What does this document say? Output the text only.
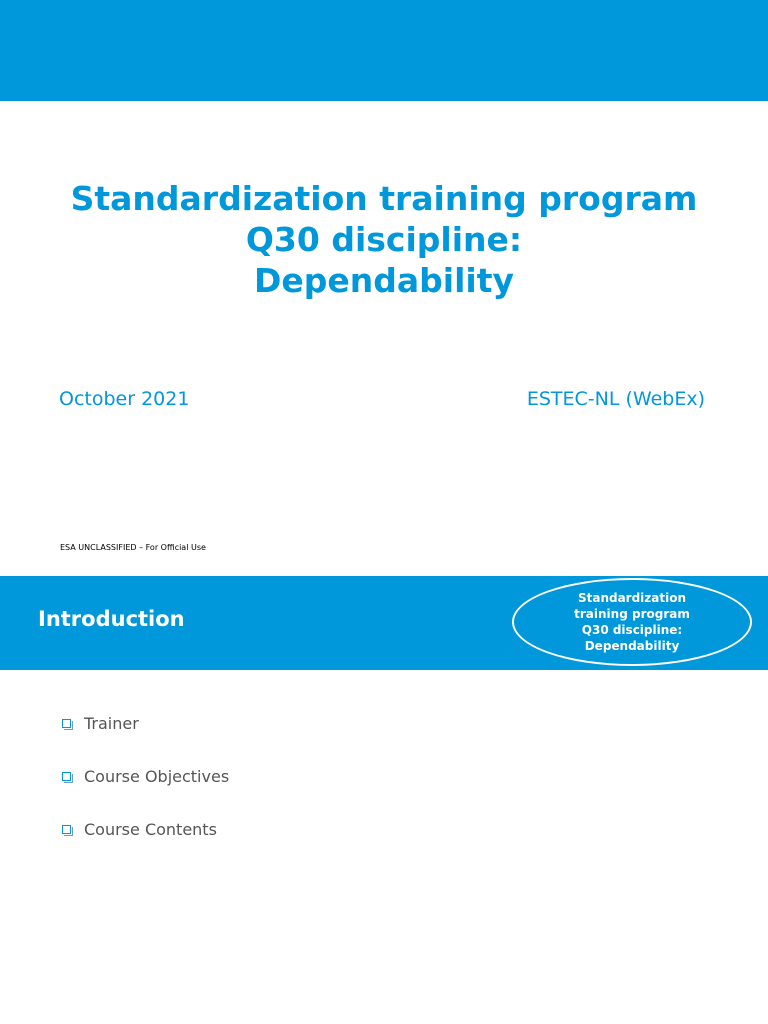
Standardization training program
Q30 discipline:
Dependability
October 2021	ESTEC-NL (WebEx)
ESA UNCLASSIFIED – For Official Use
Introduction
Standardization
training program
Q30 discipline:
Dependability
Trainer
Course Objectives
Course Contents
